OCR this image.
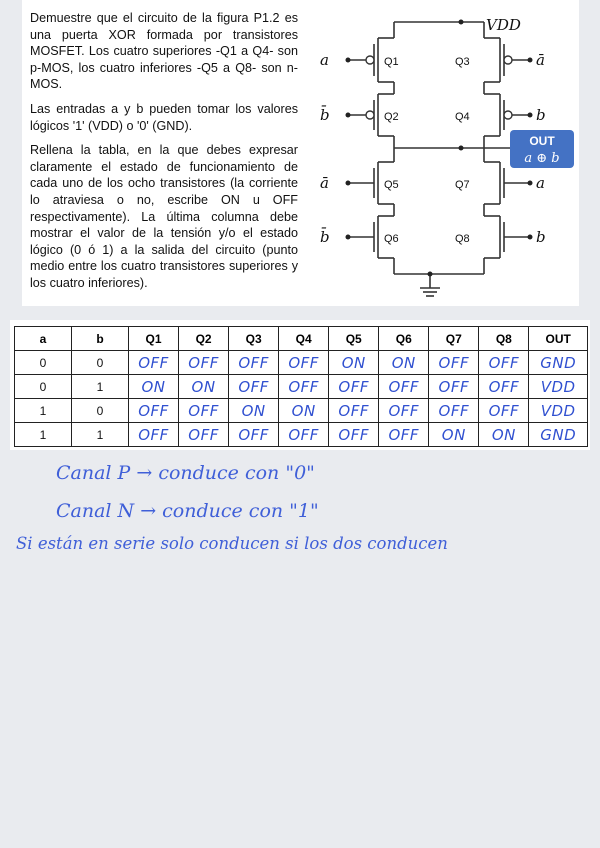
Demuestre que el circuito de la figura P1.2 es una puerta XOR formada por transistores MOSFET. Los cuatro superiores -Q1 a Q4- son p-MOS, los cuatro inferiores -Q5 a Q8- son n-MOS.

Las entradas a y b pueden tomar los valores lógicos '1' (VDD) o '0' (GND).

Rellena la tabla, en la que debes expresar claramente el estado de funcionamiento de cada uno de los ocho transistores (la corriente lo atraviesa o no, escribe ON u OFF respectivamente). La última columna debe mostrar el valor de la tensión y/o el estado lógico (0 ó 1) a la salida del circuito (punto medio entre los cuatro transistores superiores y los cuatro inferiores).

Q1
Q2
Q3
Q4
Q5	Q7
Q6	Q8
VDD
a
b̄
ā
b̄
ā
b
a
b
OUT
a ⊕ b
a	b	Q1	Q2	Q3	Q4	Q5	Q6	Q7	Q8	OUT
0	0	OFF	OFF	OFF	OFF	ON	ON	OFF	OFF	GND
0	1	ON	ON	OFF	OFF	OFF	OFF	OFF	OFF	VDD
1	0	OFF	OFF	ON	ON	OFF	OFF	OFF	OFF	VDD
1	1	OFF	OFF	OFF	OFF	OFF	OFF	ON	ON	GND
Canal P → conduce con "0"
Canal N → conduce con "1"
Si están en serie solo conducen si los dos conducen
